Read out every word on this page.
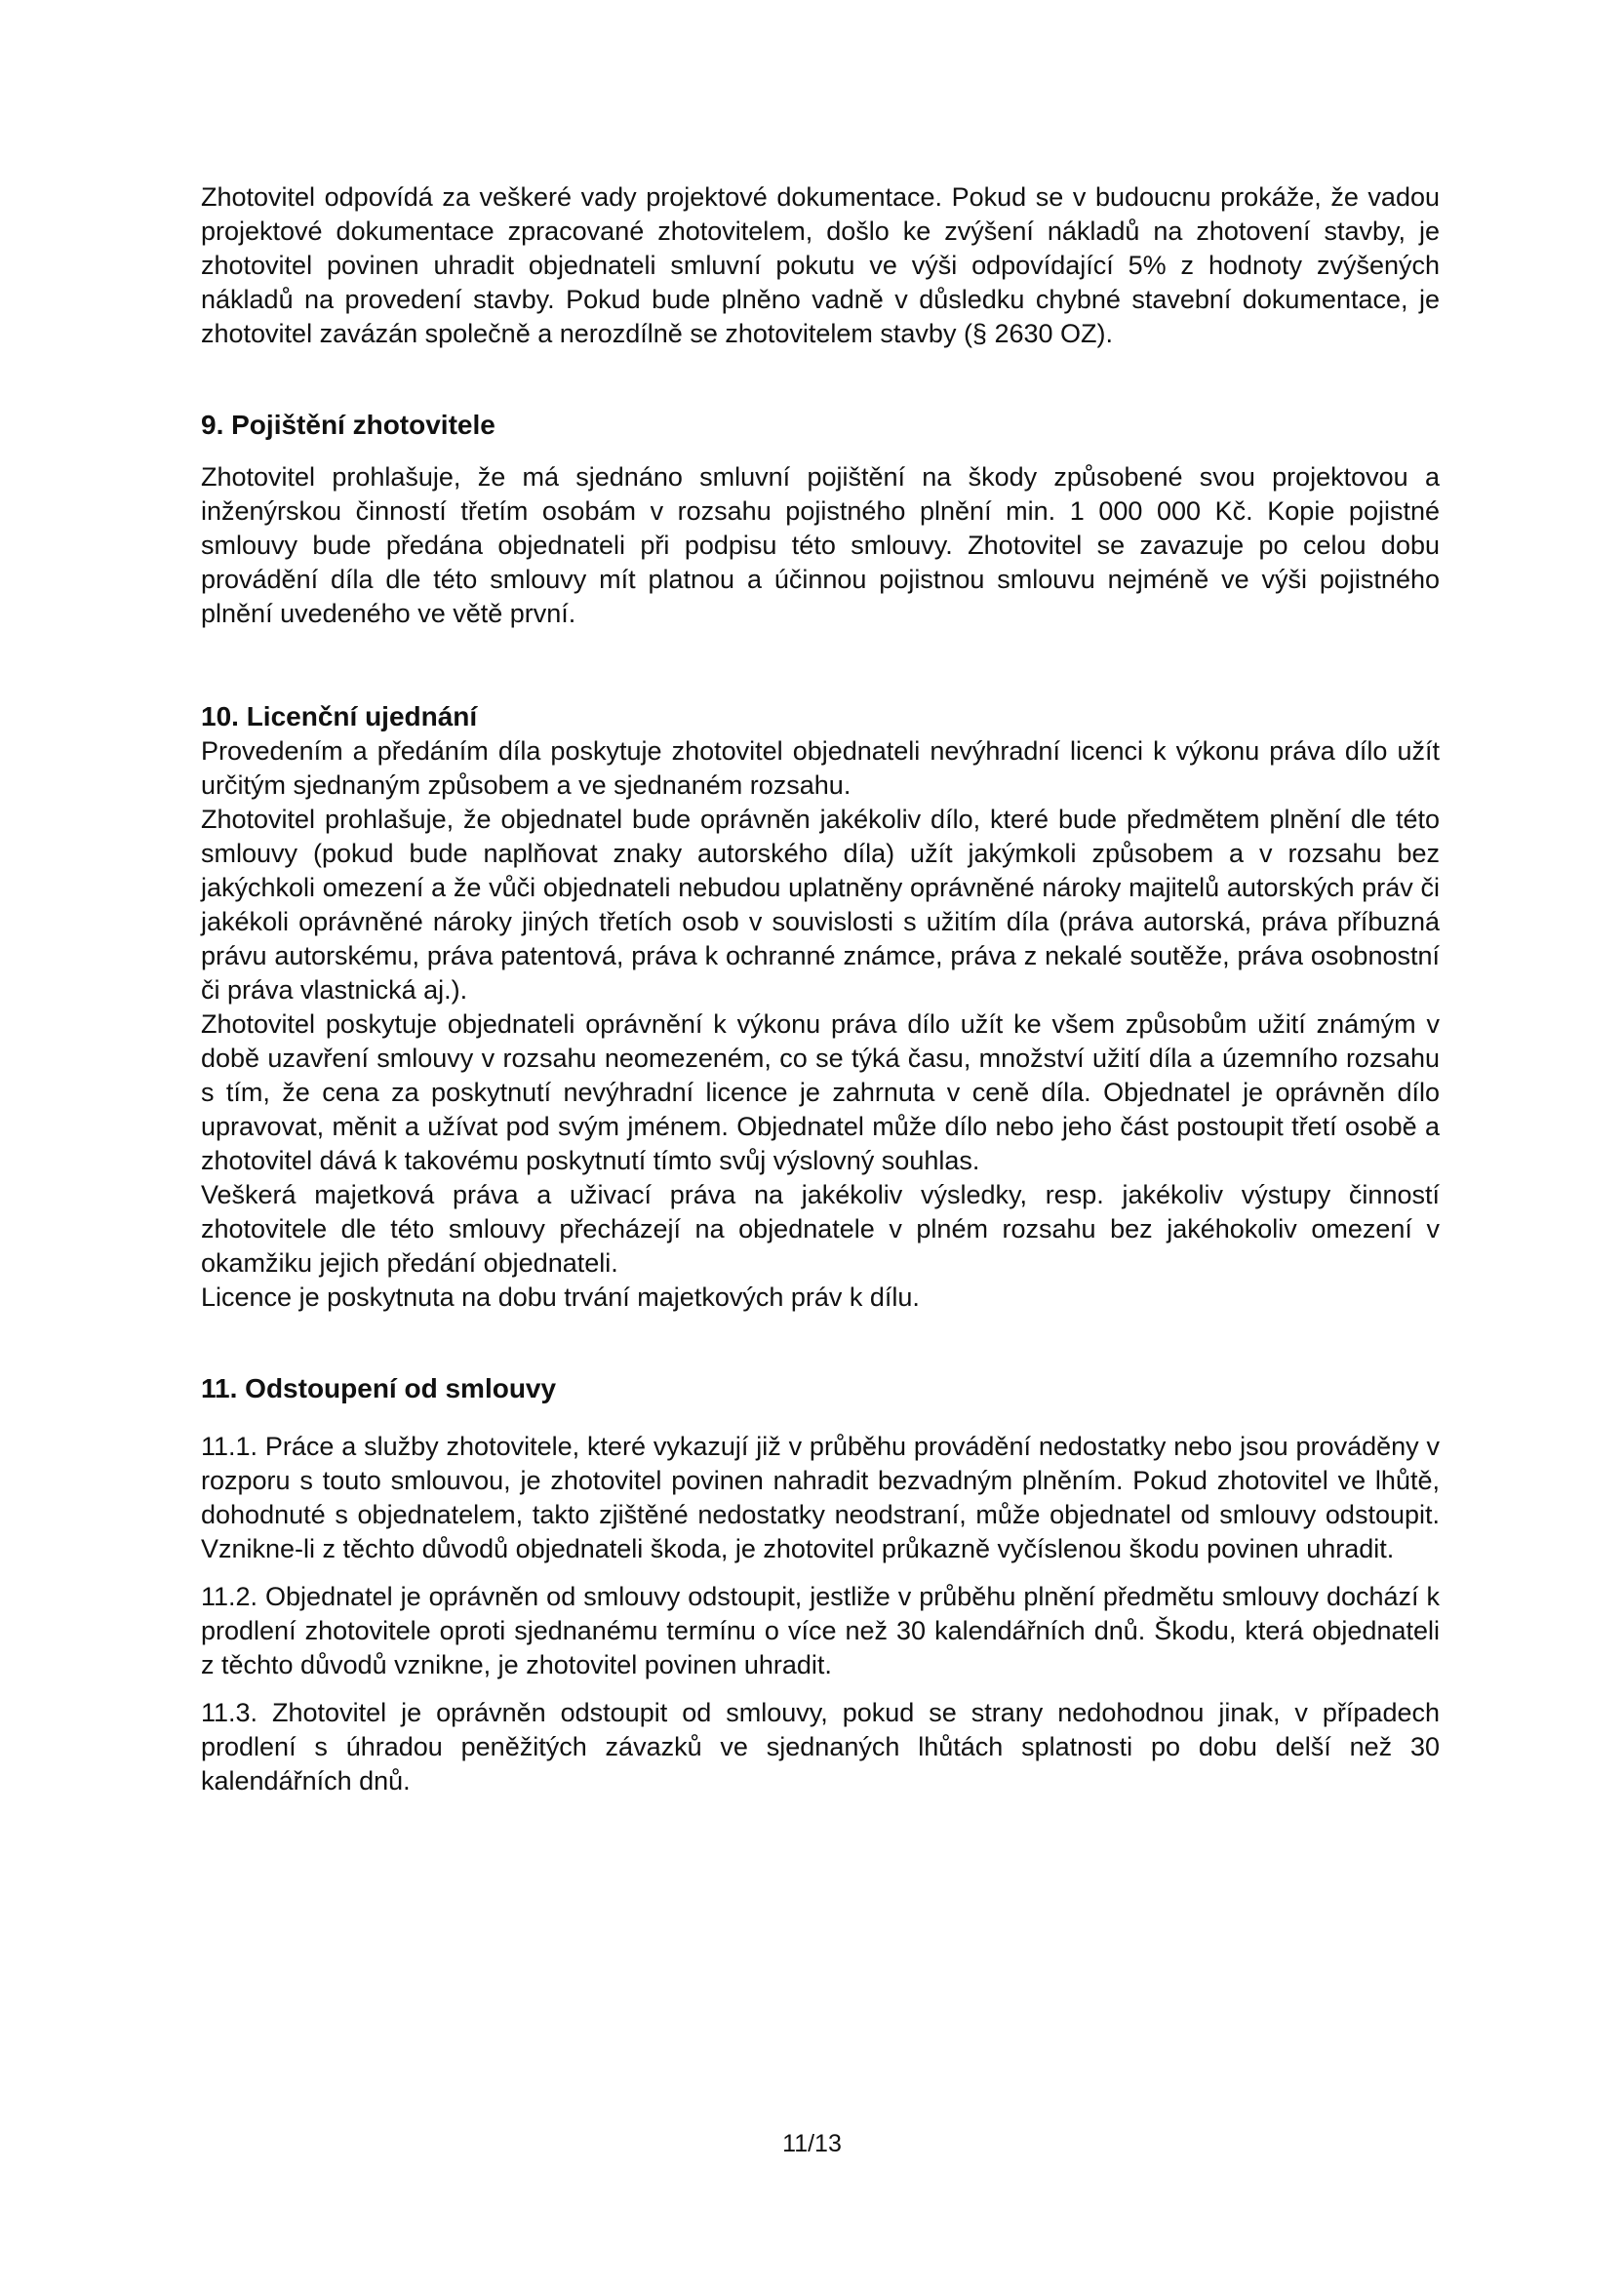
Zhotovitel odpovídá za veškeré vady projektové dokumentace. Pokud se v budoucnu prokáže, že vadou projektové dokumentace zpracované zhotovitelem, došlo ke zvýšení nákladů na zhotovení stavby, je zhotovitel povinen uhradit objednateli smluvní pokutu ve výši odpovídající 5% z hodnoty zvýšených nákladů na provedení stavby. Pokud bude plněno vadně v důsledku chybné stavební dokumentace, je zhotovitel zavázán společně a nerozdílně se zhotovitelem stavby (§ 2630 OZ).

9. Pojištění zhotovitele

Zhotovitel prohlašuje, že má sjednáno smluvní pojištění na škody způsobené svou projektovou a inženýrskou činností třetím osobám v rozsahu pojistného plnění min. 1 000 000 Kč. Kopie pojistné smlouvy bude předána objednateli při podpisu této smlouvy. Zhotovitel se zavazuje po celou dobu provádění díla dle této smlouvy mít platnou a účinnou pojistnou smlouvu nejméně ve výši pojistného plnění uvedeného ve větě první.

10. Licenční ujednání

Provedením a předáním díla poskytuje zhotovitel objednateli nevýhradní licenci k výkonu práva dílo užít určitým sjednaným způsobem a ve sjednaném rozsahu.

Zhotovitel prohlašuje, že objednatel bude oprávněn jakékoliv dílo, které bude předmětem plnění dle této smlouvy (pokud bude naplňovat znaky autorského díla) užít jakýmkoli způsobem a v rozsahu bez jakýchkoli omezení a že vůči objednateli nebudou uplatněny oprávněné nároky majitelů autorských práv či jakékoli oprávněné nároky jiných třetích osob v souvislosti s užitím díla (práva autorská, práva příbuzná právu autorskému, práva patentová, práva k ochranné známce, práva z nekalé soutěže, práva osobnostní či práva vlastnická aj.).

Zhotovitel poskytuje objednateli oprávnění k výkonu práva dílo užít ke všem způsobům užití známým v době uzavření smlouvy v rozsahu neomezeném, co se týká času, množství užití díla a územního rozsahu s tím, že cena za poskytnutí nevýhradní licence je zahrnuta v ceně díla. Objednatel je oprávněn dílo upravovat, měnit a užívat pod svým jménem. Objednatel může dílo nebo jeho část postoupit třetí osobě a zhotovitel dává k takovému poskytnutí tímto svůj výslovný souhlas.

Veškerá majetková práva a uživací práva na jakékoliv výsledky, resp. jakékoliv výstupy činností zhotovitele dle této smlouvy přecházejí na objednatele v plném rozsahu bez jakéhokoliv omezení v okamžiku jejich předání objednateli.

Licence je poskytnuta na dobu trvání majetkových práv k dílu.

11. Odstoupení od smlouvy

11.1. Práce a služby zhotovitele, které vykazují již v průběhu provádění nedostatky nebo jsou prováděny v rozporu s touto smlouvou, je zhotovitel povinen nahradit bezvadným plněním. Pokud zhotovitel ve lhůtě, dohodnuté s objednatelem, takto zjištěné nedostatky neodstraní, může objednatel od smlouvy odstoupit. Vznikne-li z těchto důvodů objednateli škoda, je zhotovitel průkazně vyčíslenou škodu povinen uhradit.

11.2. Objednatel je oprávněn od smlouvy odstoupit, jestliže v průběhu plnění předmětu smlouvy dochází k prodlení zhotovitele oproti sjednanému termínu o více než 30 kalendářních dnů. Škodu, která objednateli z těchto důvodů vznikne, je zhotovitel povinen uhradit.

11.3. Zhotovitel je oprávněn odstoupit od smlouvy, pokud se strany nedohodnou jinak, v případech prodlení s úhradou peněžitých závazků ve sjednaných lhůtách splatnosti po dobu delší než 30 kalendářních dnů.

11/13
